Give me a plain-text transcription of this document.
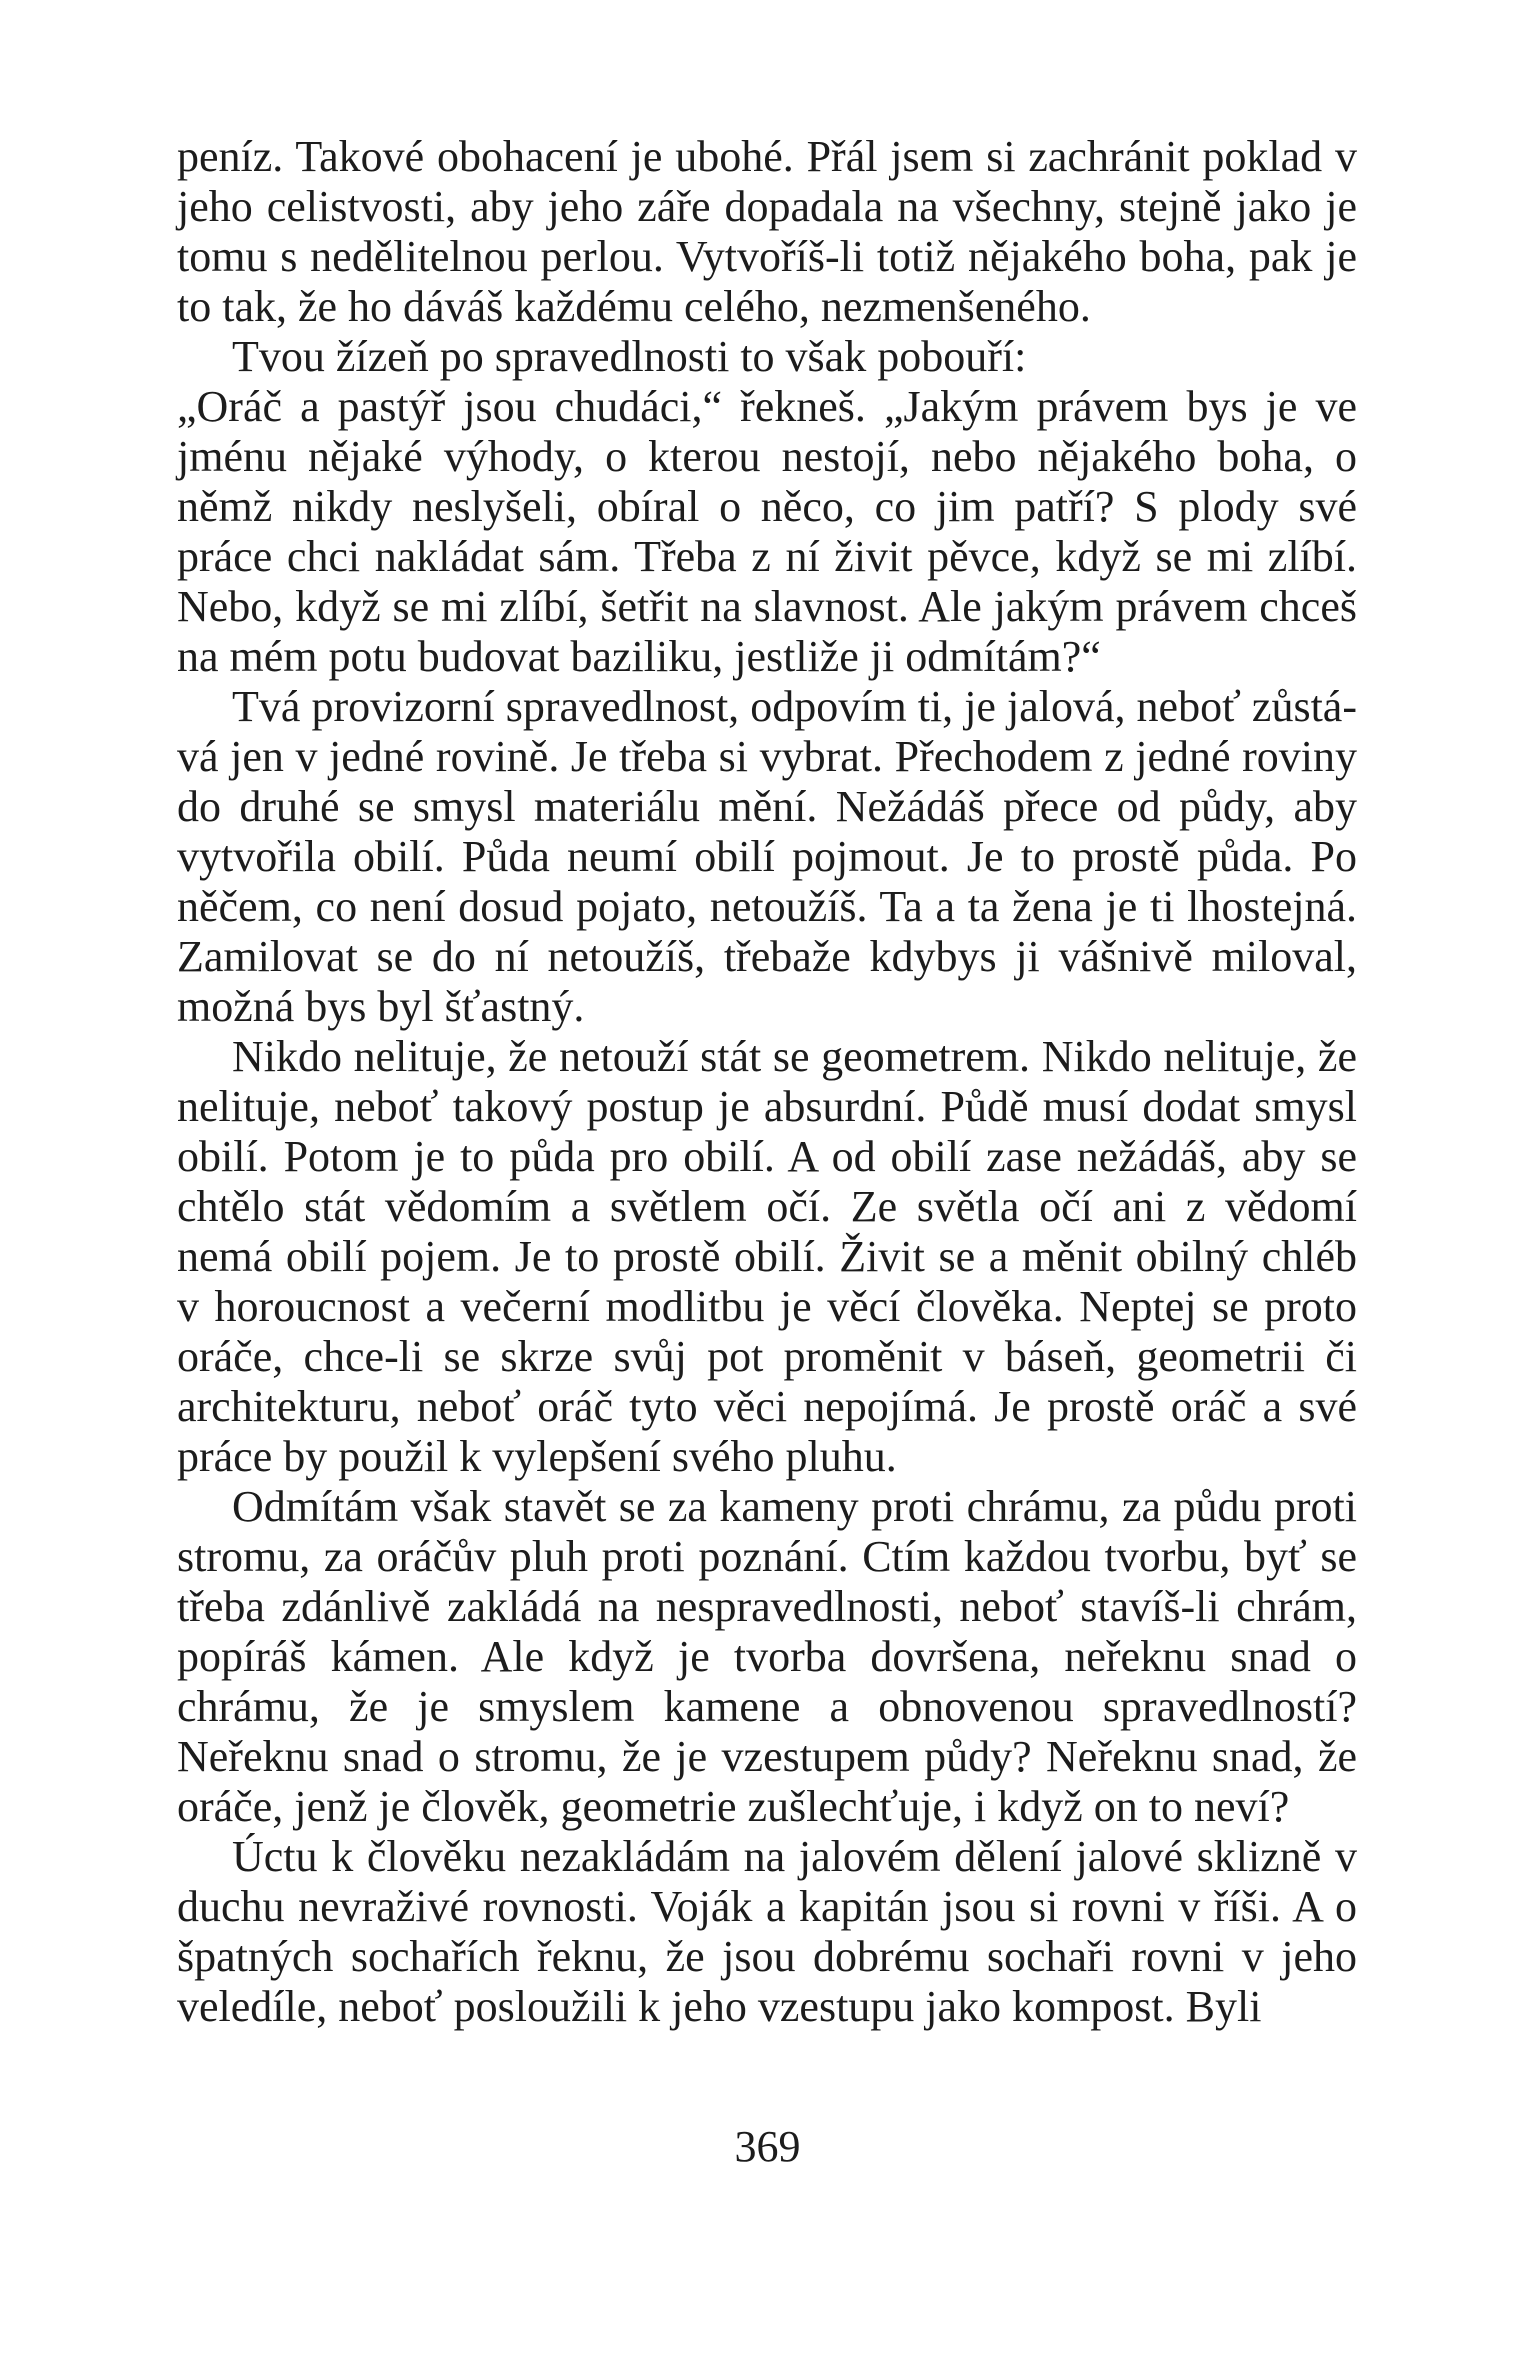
peníz. Takové obohacení je ubohé. Přál jsem si zachránit poklad v jeho celistvosti, aby jeho záře dopadala na všechny, stejně jako je tomu s nedělitelnou perlou. Vytvoříš-li totiž nějakého boha, pak je to tak, že ho dáváš každému celého, nezmenšeného.

Tvou žízeň po spravedlnosti to však pobouří:

„Oráč a pastýř jsou chudáci,“ řekneš. „Jakým právem bys je ve jménu nějaké výhody, o kterou nestojí, nebo nějakého boha, o němž nikdy neslyšeli, obíral o něco, co jim patří? S plody své práce chci nakládat sám. Třeba z ní živit pěvce, když se mi zlíbí. Nebo, když se mi zlíbí, šetřit na slavnost. Ale jakým právem chceš na mém potu budovat baziliku, jestliže ji odmítám?“

Tvá provizorní spravedlnost, odpovím ti, je jalová, neboť zůstává jen v jedné rovině. Je třeba si vybrat. Přechodem z jedné roviny do druhé se smysl materiálu mění. Nežádáš přece od půdy, aby vytvořila obilí. Půda neumí obilí pojmout. Je to prostě půda. Po něčem, co není dosud pojato, netoužíš. Ta a ta žena je ti lhostejná. Zamilovat se do ní netoužíš, třebaže kdybys ji vášnivě miloval, možná bys byl šťastný.

Nikdo nelituje, že netouží stát se geometrem. Nikdo nelituje, že nelituje, neboť takový postup je absurdní. Půdě musí dodat smysl obilí. Potom je to půda pro obilí. A od obilí zase nežádáš, aby se chtělo stát vědomím a světlem očí. Ze světla očí ani z vědomí nemá obilí pojem. Je to prostě obilí. Živit se a měnit obilný chléb v horoucnost a večerní modlitbu je věcí člověka. Neptej se proto oráče, chce-li se skrze svůj pot proměnit v báseň, geometrii či architekturu, neboť oráč tyto věci nepojímá. Je prostě oráč a své práce by použil k vylepšení svého pluhu.

Odmítám však stavět se za kameny proti chrámu, za půdu proti stromu, za oráčův pluh proti poznání. Ctím každou tvorbu, byť se třeba zdánlivě zakládá na nespravedlnosti, neboť stavíš-li chrám, popíráš kámen. Ale když je tvorba dovršena, neřeknu snad o chrámu, že je smyslem kamene a obnovenou spravedlností? Neřeknu snad o stromu, že je vzestupem půdy? Neřeknu snad, že oráče, jenž je člověk, geometrie zušlechťuje, i když on to neví?

Úctu k člověku nezakládám na jalovém dělení jalové sklizně v duchu nevraživé rovnosti. Voják a kapitán jsou si rovni v říši. A o špatných sochařích řeknu, že jsou dobrému sochaři rovni v jeho veledíle, neboť posloužili k jeho vzestupu jako kompost. Byli

369
